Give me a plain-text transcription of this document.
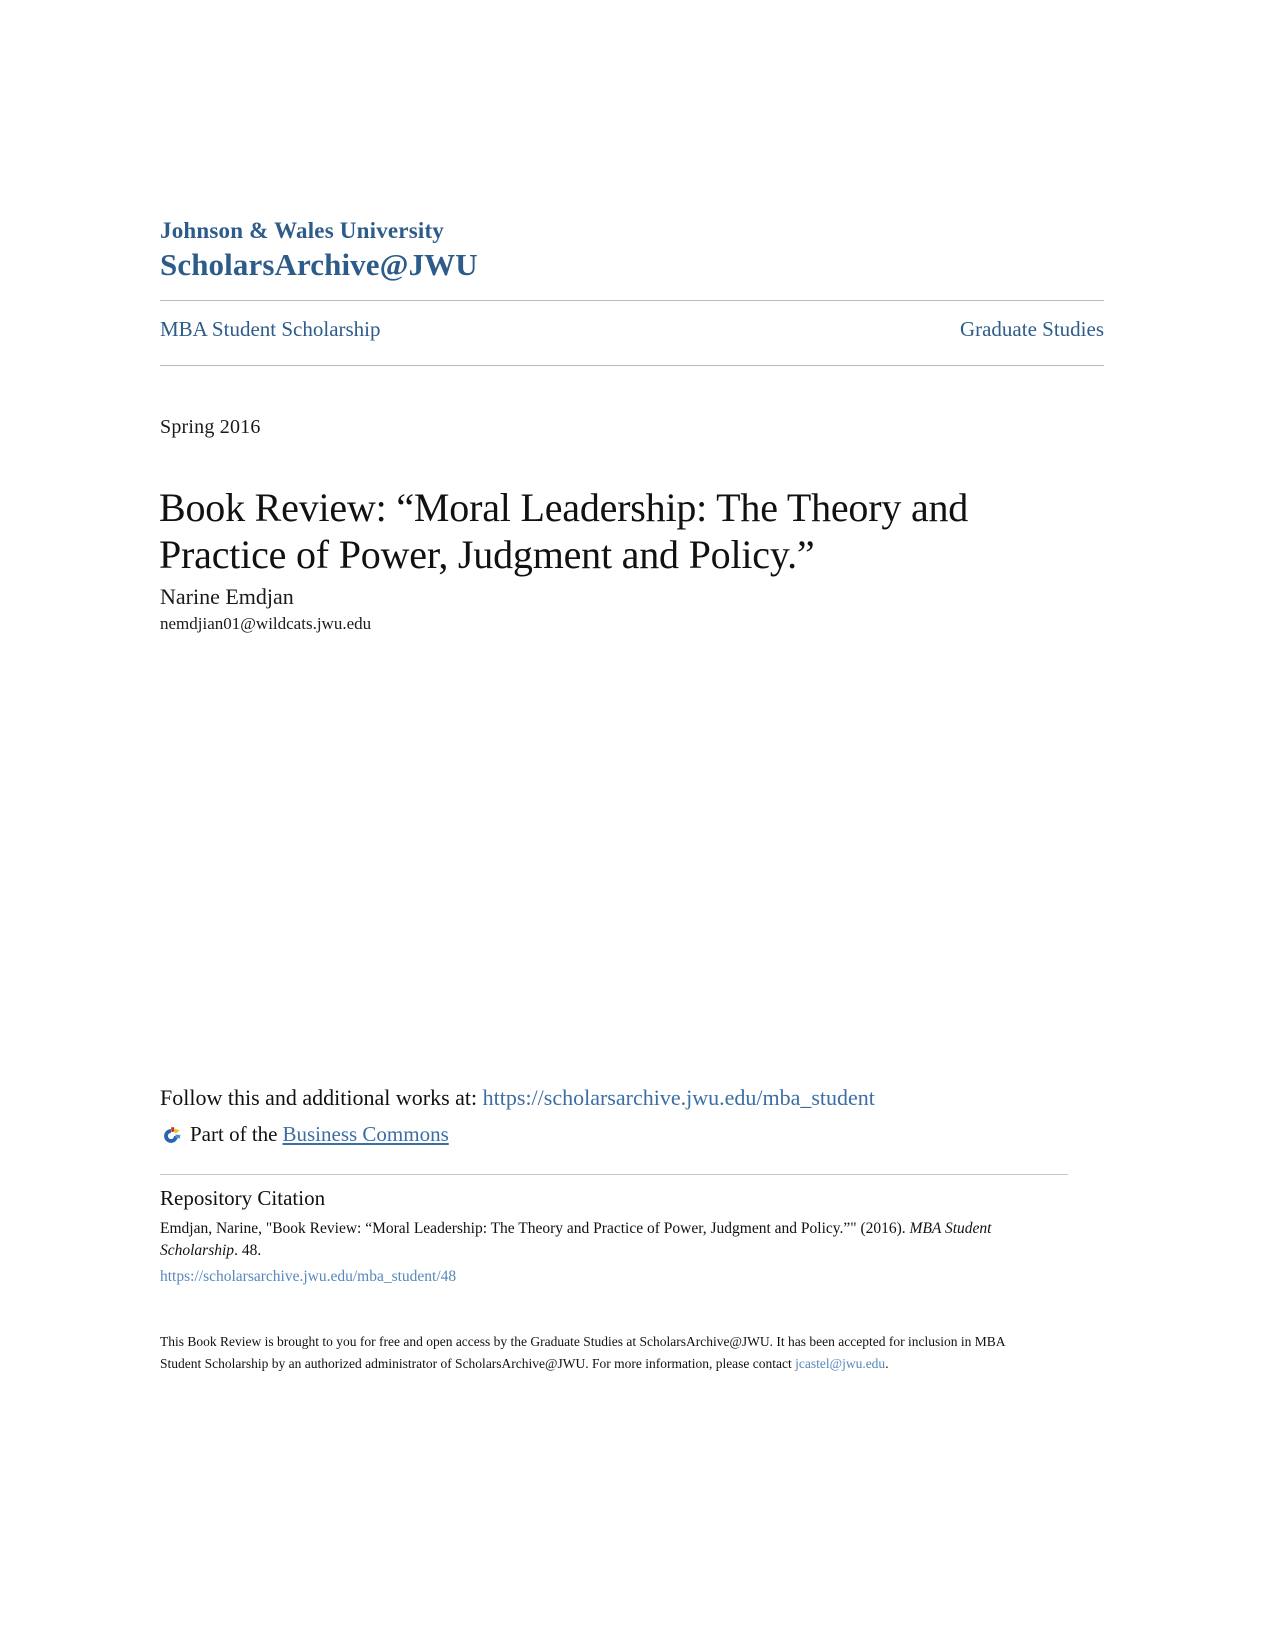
Johnson & Wales University
ScholarsArchive@JWU
MBA Student Scholarship	Graduate Studies
Spring 2016
Book Review: “Moral Leadership: The Theory and Practice of Power, Judgment and Policy.”
Narine Emdjan
nemdjian01@wildcats.jwu.edu
Follow this and additional works at: https://scholarsarchive.jwu.edu/mba_student
Part of the Business Commons
Repository Citation
Emdjan, Narine, "Book Review: “Moral Leadership: The Theory and Practice of Power, Judgment and Policy.”" (2016). MBA Student Scholarship. 48.
https://scholarsarchive.jwu.edu/mba_student/48
This Book Review is brought to you for free and open access by the Graduate Studies at ScholarsArchive@JWU. It has been accepted for inclusion in MBA Student Scholarship by an authorized administrator of ScholarsArchive@JWU. For more information, please contact jcastel@jwu.edu.
